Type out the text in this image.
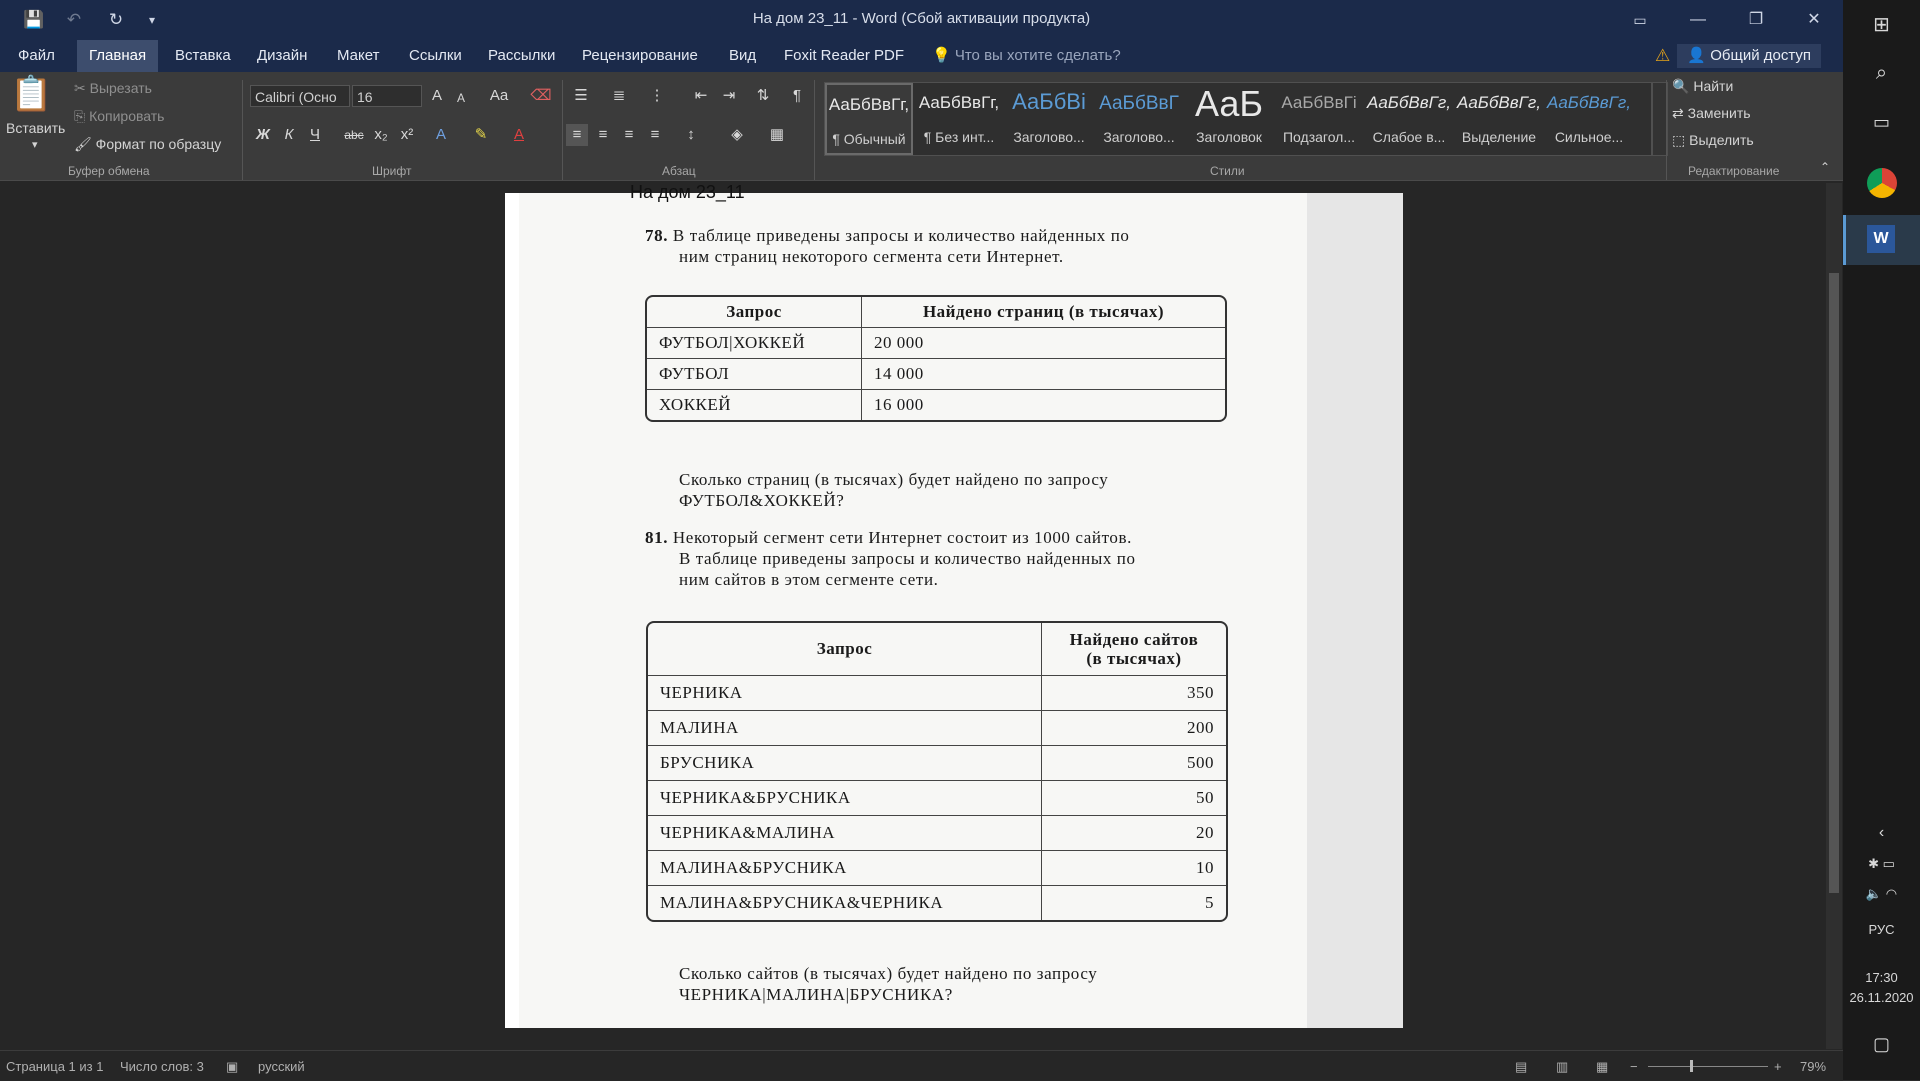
💾 ↶ ↻	▾	На дом 23_11 - Word (Сбой активации продукта)	▭	—	❐	✕
Файл	Главная	Вставка	Дизайн	Макет	Ссылки	Рассылки	Рецензирование	Вид	Foxit Reader PDF	💡 Что вы хотите сделать?	⚠	👤 Общий доступ
📋
Вставить
▾
✂ Вырезать
⎘ Копировать
🖌 Формат по образцу
Буфер обмена
Calibri (Осно	16	A	A	Aa	⌫
Ж К	Ч	abc x₂ x²	A	✎	A
Шрифт
☰	≣	⋮	⇤	⇥	⇅	¶
≡	≡	≡	≡	↕	◈	▦
Абзац
АаБбВвГг,
¶ Обычный
АаБбВвГг,
¶ Без инт...
АаБбВі
Заголово...
АаБбВвГ
Заголово...
АаБ
Заголовок
АаБбВвГі
Подзагол...
АаБбВвГг,
Слабое в...
АаБбВвГг,
Выделение
АаБбВвГг,
Сильное...
Стили
🔍 Найти
⇄ Заменить
⬚ Выделить
Редактирование	⌃
78. В таблице приведены запросы и количество найденных по
ним страниц некоторого сегмента сети Интернет.
Запрос	Найдено страниц (в тысячах)
ФУТБОЛ|ХОККЕЙ	20 000
ФУТБОЛ	14 000
ХОККЕЙ	16 000
Сколько страниц (в тысячах) будет найдено по запросу
ФУТБОЛ&ХОККЕЙ?
81. Некоторый сегмент сети Интернет состоит из 1000 сайтов.
В таблице приведены запросы и количество найденных по
ним сайтов в этом сегменте сети.
Запрос	Найдено сайтов
(в тысячах)
ЧЕРНИКА	350
МАЛИНА	200
БРУСНИКА	500
ЧЕРНИКА&БРУСНИКА	50
ЧЕРНИКА&МАЛИНА	20
МАЛИНА&БРУСНИКА	10
МАЛИНА&БРУСНИКА&ЧЕРНИКА	5
Сколько сайтов (в тысячах) будет найдено по запросу
ЧЕРНИКА|МАЛИНА|БРУСНИКА?
На дом 23_11
Страница 1 из 1 Число слов: 3 ▣ русский	▤ ▥ ▦ −	+ 79%
⊞
⌕
▭
W
‹
✱ ▭
🔈 ◠
РУС
17:30
26.11.2020
▢
